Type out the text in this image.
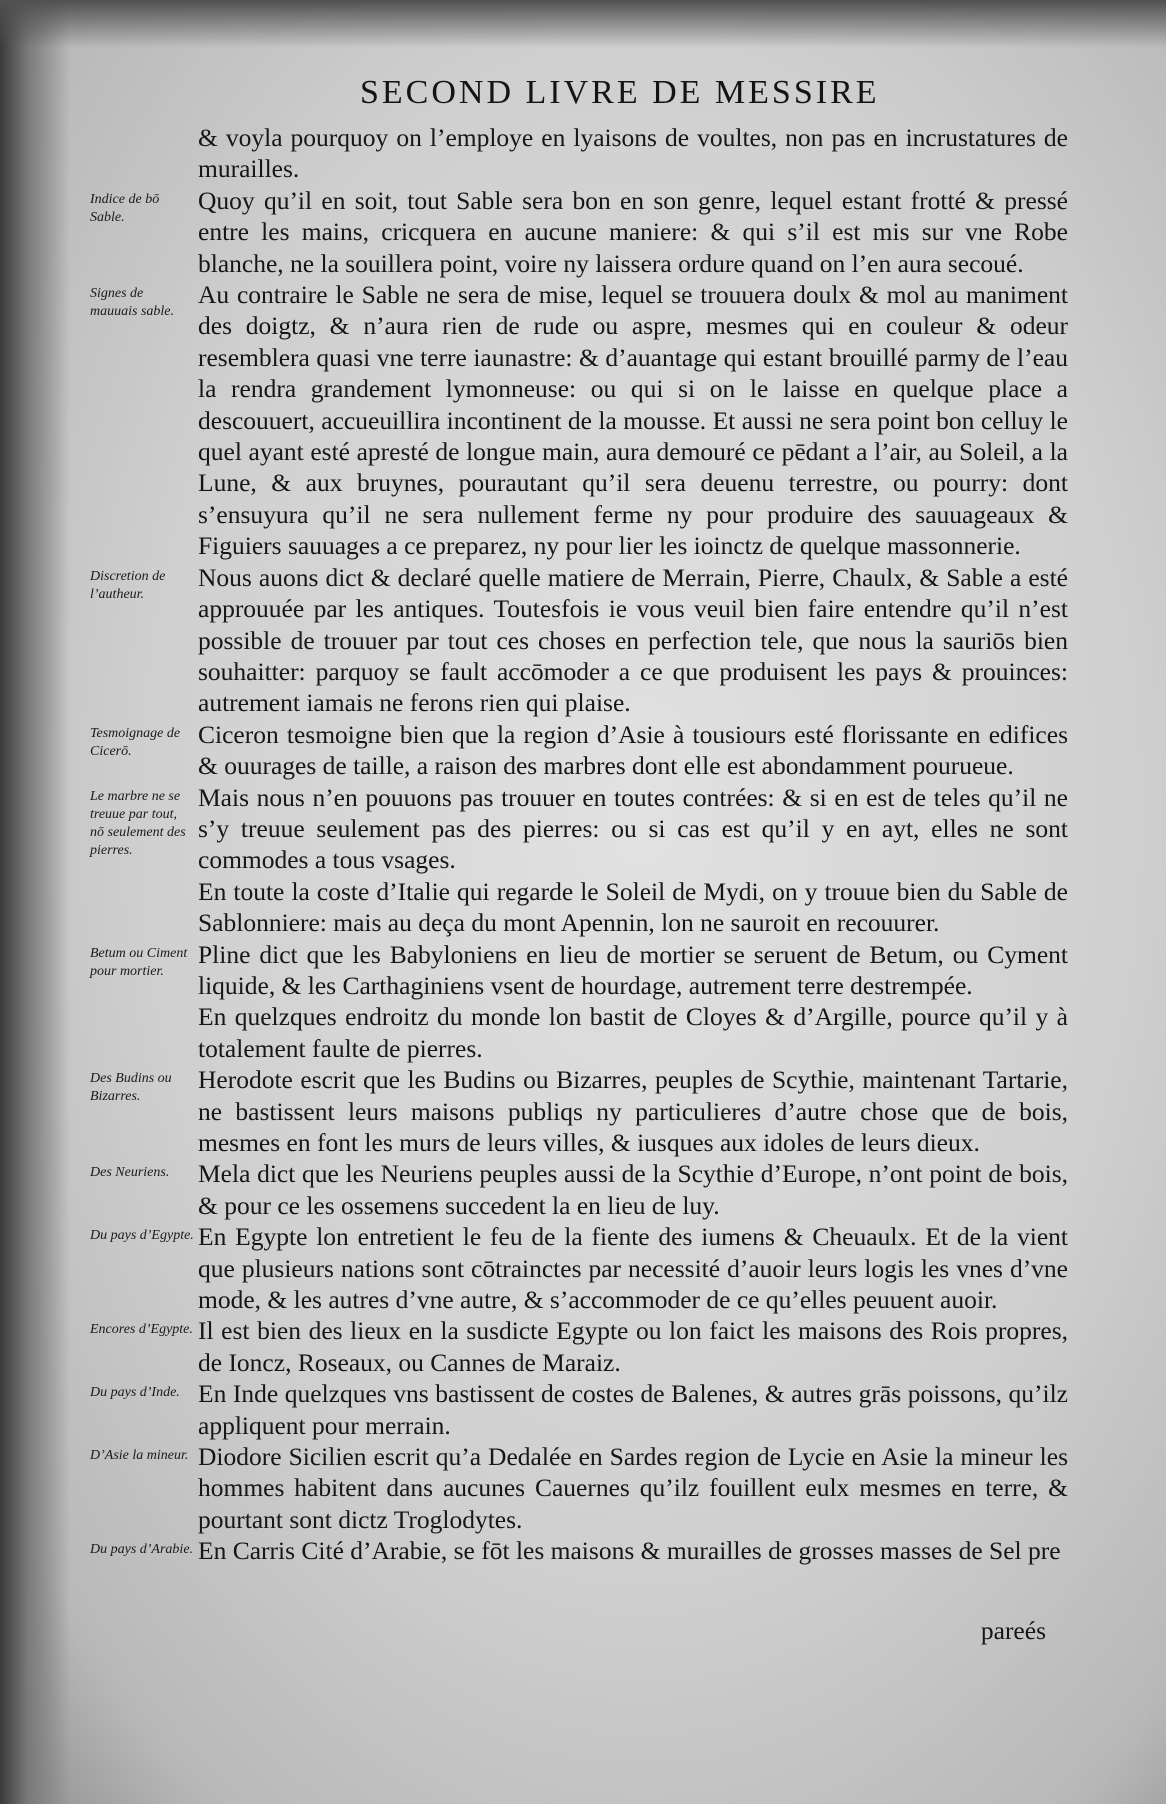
SECOND LIVRE DE MESSIRE
& voyla pourquoy on l’employe en lyaisons de voultes, non pas en incrustatures de murailles.
Indice de bō Sable.
Quoy qu’il en soit, tout Sable sera bon en son genre, lequel estant frotté & pressé entre les mains, cricquera en aucune maniere: & qui s’il est mis sur vne Robe blanche, ne la souillera point, voire ny laissera ordure quand on l’en aura secoué.
Signes de mauuais sable.
Au contraire le Sable ne sera de mise, lequel se trouuera doulx & mol au maniment des doigtz, & n’aura rien de rude ou aspre, mesmes qui en couleur & odeur resemblera quasi vne terre iaunastre: & d’auantage qui estant brouillé parmy de l’eau la rendra grandement lymonneuse: ou qui si on le laisse en quelque place a descouuert, accueuillira incontinent de la mousse. Et aussi ne sera point bon celluy le quel ayant esté apresté de longue main, aura demouré ce pēdant a l’air, au Soleil, a la Lune, & aux bruynes, pourautant qu’il sera deuenu terrestre, ou pourry: dont s’ensuyura qu’il ne sera nullement ferme ny pour produire des sauuageaux & Figuiers sauuages a ce preparez, ny pour lier les ioinctz de quelque massonnerie.
Discretion de l’autheur.
Nous auons dict & declaré quelle matiere de Merrain, Pierre, Chaulx, & Sable a esté approuuée par les antiques. Toutesfois ie vous veuil bien faire entendre qu’il n’est possible de trouuer par tout ces choses en perfection tele, que nous la sauriōs bien souhaitter: parquoy se fault accōmoder a ce que produisent les pays & prouinces: autrement iamais ne ferons rien qui plaise.
Tesmoignage de Cicerō.
Ciceron tesmoigne bien que la region d’Asie à tousiours esté florissante en edifices & ouurages de taille, a raison des marbres dont elle est abondamment pourueue.
Le marbre ne se treuue par tout, nō seulement des pierres.
Mais nous n’en pouuons pas trouuer en toutes contrées: & si en est de teles qu’il ne s’y treuue seulement pas des pierres: ou si cas est qu’il y en ayt, elles ne sont commodes a tous vsages.
En toute la coste d’Italie qui regarde le Soleil de Mydi, on y trouue bien du Sable de Sablonniere: mais au deça du mont Apennin, lon ne sauroit en recouurer.
Betum ou Ciment pour mortier.
Pline dict que les Babyloniens en lieu de mortier se seruent de Betum, ou Cyment liquide, & les Carthaginiens vsent de hourdage, autrement terre destrempée.
En quelzques endroitz du monde lon bastit de Cloyes & d’Argille, pource qu’il y à totalement faulte de pierres.
Des Budins ou Bizarres.
Herodote escrit que les Budins ou Bizarres, peuples de Scythie, maintenant Tartarie, ne bastissent leurs maisons publiqs ny particulieres d’autre chose que de bois, mesmes en font les murs de leurs villes, & iusques aux idoles de leurs dieux.
Des Neuriens.	Mela dict que les Neuriens peuples aussi de la Scythie d’Europe, n’ont point de bois, & pour ce les ossemens succedent la en lieu de luy.
Du pays d’Egypte. En Egypte lon entretient le feu de la fiente des iumens & Cheuaulx. Et de la vient que plusieurs nations sont cōtrainctes par necessité d’auoir leurs logis les vnes d’vne mode, & les autres d’vne autre, & s’accommoder de ce qu’elles peuuent auoir.
Encores d’Egypte. Il est bien des lieux en la susdicte Egypte ou lon faict les maisons des Rois propres, de Ioncz, Roseaux, ou Cannes de Maraiz.
Du pays d’Inde. En Inde quelzques vns bastissent de costes de Balenes, & autres grās poissons, qu’ilz appliquent pour merrain.
D’Asie la mineur. Diodore Sicilien escrit qu’a Dedalée en Sardes region de Lycie en Asie la mineur les hommes habitent dans aucunes Cauernes qu’ilz fouillent eulx mesmes en terre, & pourtant sont dictz Troglodytes.
Du pays d’Arabie. En Carris Cité d’Arabie, se fōt les maisons & murailles de grosses masses de Sel pre
pareés
